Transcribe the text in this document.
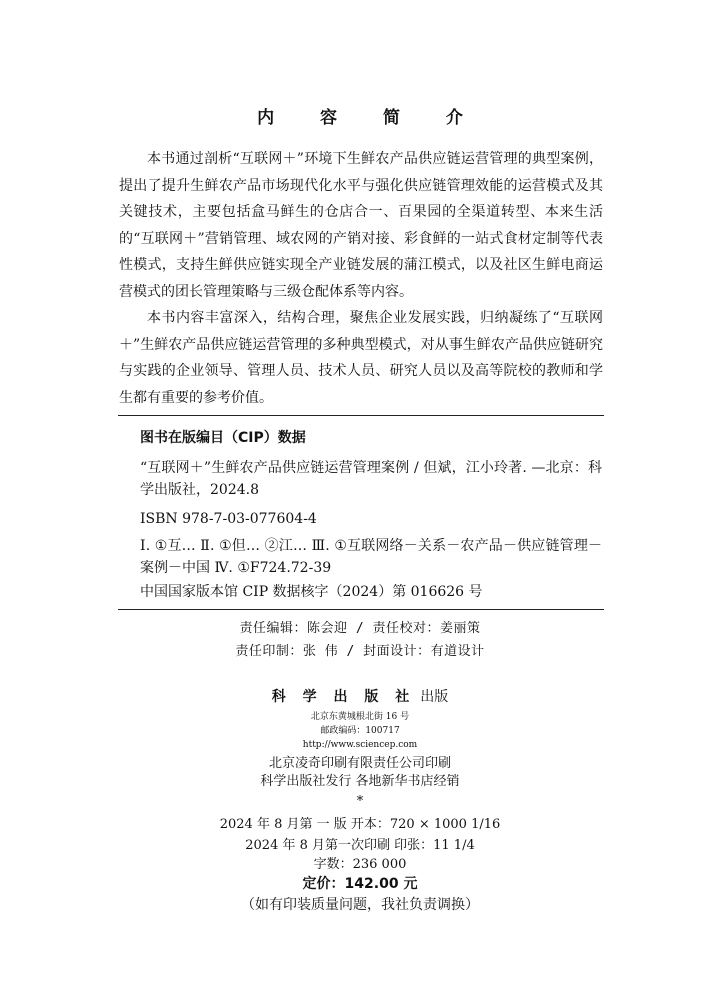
内 容 简 介

本书通过剖析“互联网＋”环境下生鲜农产品供应链运营管理的典型案例，提出了提升生鲜农产品市场现代化水平与强化供应链管理效能的运营模式及其关键技术，主要包括盒马鲜生的仓店合一、百果园的全渠道转型、本来生活的“互联网＋”营销管理、域农网的产销对接、彩食鲜的一站式食材定制等代表性模式，支持生鲜供应链实现全产业链发展的蒲江模式，以及社区生鲜电商运营模式的团长管理策略与三级仓配体系等内容。

本书内容丰富深入，结构合理，聚焦企业发展实践，归纳凝练了“互联网＋”生鲜农产品供应链运营管理的多种典型模式，对从事生鲜农产品供应链研究与实践的企业领导、管理人员、技术人员、研究人员以及高等院校的教师和学生都有重要的参考价值。

图书在版编目（CIP）数据
“互联网＋”生鲜农产品供应链运营管理案例 / 但斌，江小玲著. —北京：科学出版社，2024.8
ISBN 978-7-03-077604-4
Ⅰ. ①互… Ⅱ. ①但… ②江… Ⅲ. ①互联网络－关系－农产品－供应链管理－案例－中国 Ⅳ. ①F724.72-39
中国国家版本馆 CIP 数据核字（2024）第 016626 号
责任编辑：陈会迎 / 责任校对：姜丽策
责任印制：张 伟 / 封面设计：有道设计
科 学 出 版 社 出版
北京东黄城根北街 16 号
邮政编码：100717
http://www.sciencep.com
北京凌奇印刷有限责任公司印刷
科学出版社发行 各地新华书店经销
*
2024 年 8 月第 一 版 开本：720 × 1000 1/16
2024 年 8 月第一次印刷 印张：11 1/4
字数：236 000
定价：142.00 元
（如有印装质量问题，我社负责调换）
